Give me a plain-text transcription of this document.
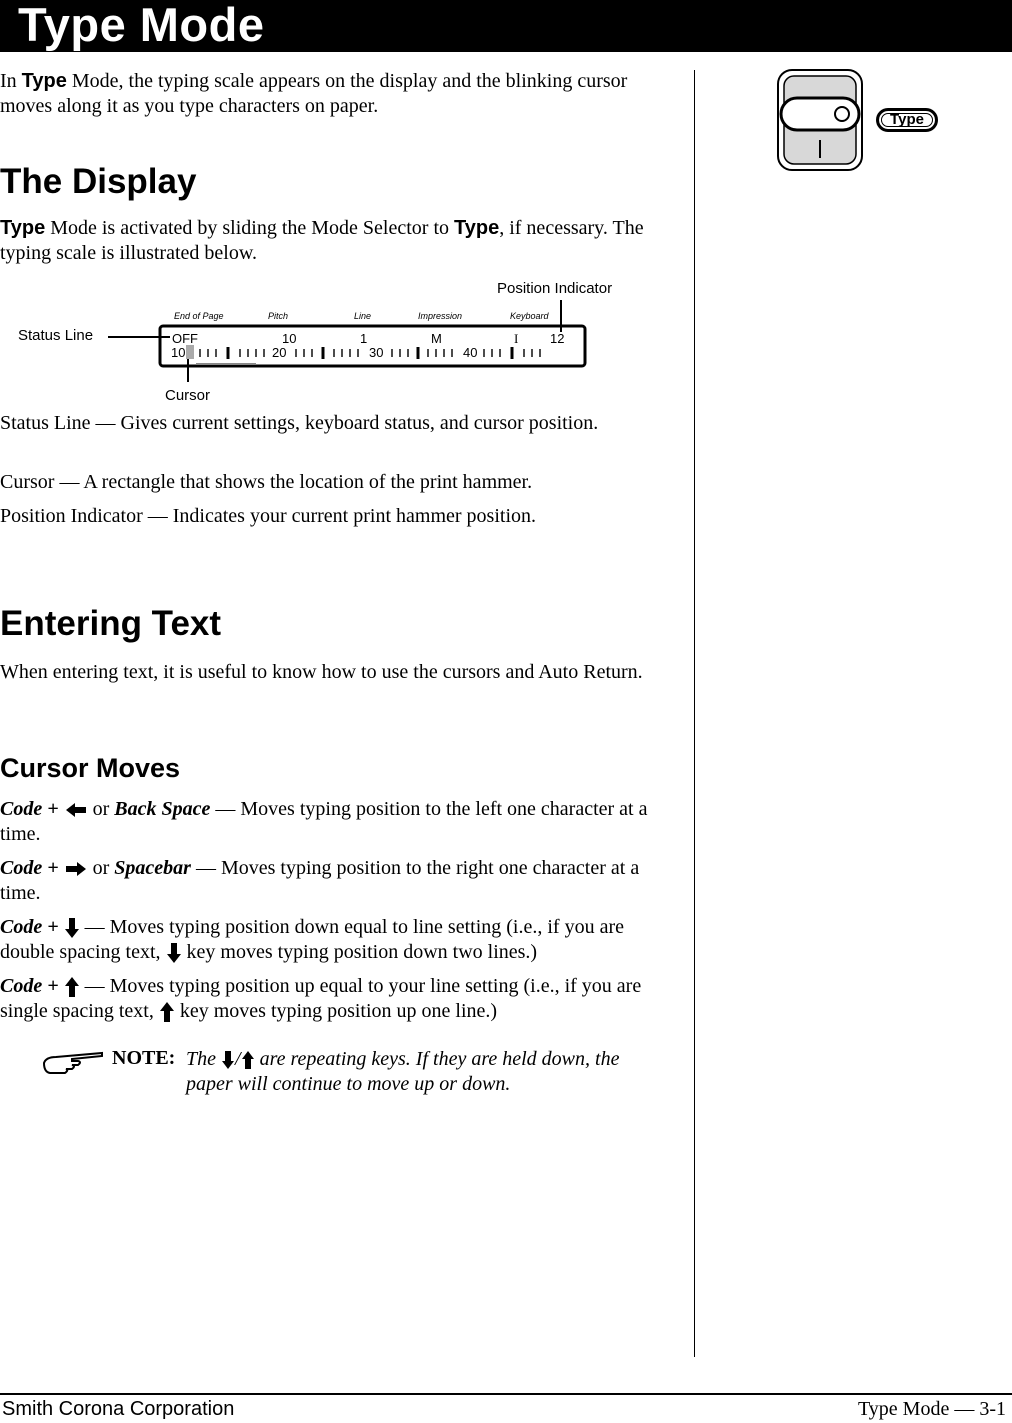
Type Mode

In Type Mode, the typing scale appears on the display and the blinking cursor moves along it as you type characters on paper.

The Display

Type Mode is activated by sliding the Mode Selector to Type, if necessary. The typing scale is illustrated below.

Status Line
Position Indicator
Cursor
End of Page	Pitch	Line	Impression	Keyboard
OFF	10	1	M	I 12
10	20	30	40

Status Line — Gives current settings, keyboard status, and cursor position.

Cursor — A rectangle that shows the location of the print hammer.

Position Indicator — Indicates your current print hammer position.

Entering Text

When entering text, it is useful to know how to use the cursors and Auto Return.

Cursor Moves

Code +  or Back Space — Moves typing position to the left one character at a time.

Code +  or Spacebar — Moves typing position to the right one character at a time.

Code +  — Moves typing position down equal to line setting (i.e., if you are double spacing text,  key moves typing position down two lines.)

Code +  — Moves typing position up equal to your line setting (i.e., if you are single spacing text,  key moves typing position up one line.)

NOTE: The / are repeating keys. If they are held down, the paper will continue to move up or down.
Type
Smith Corona Corporation	Type Mode — 3-1
